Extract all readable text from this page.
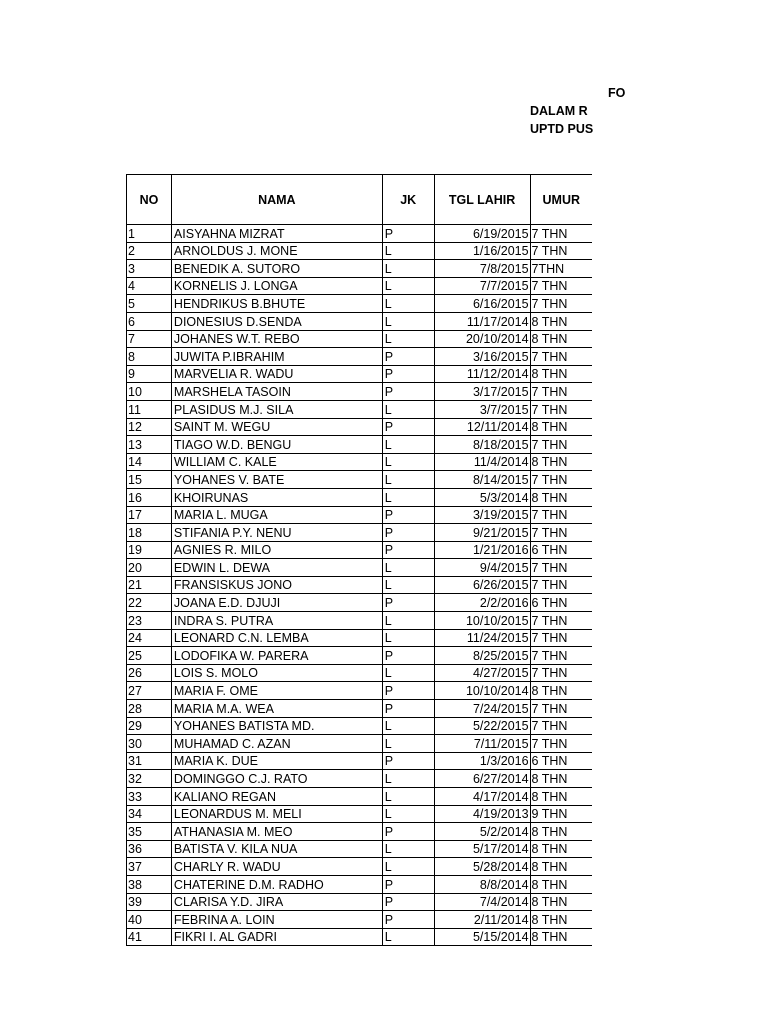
FO
DALAM R
UPTD PUS
NO	NAMA	JK	TGL LAHIR	UMUR
1	AISYAHNA MIZRAT	P	6/19/2015	7 THN
2	ARNOLDUS J. MONE	L	1/16/2015	7 THN
3	BENEDIK A. SUTORO	L	7/8/2015	7THN
4	KORNELIS J. LONGA	L	7/7/2015	7 THN
5	HENDRIKUS B.BHUTE	L	6/16/2015	7 THN
6	DIONESIUS D.SENDA	L	11/17/2014	8 THN
7	JOHANES W.T. REBO	L	20/10/2014	8 THN
8	JUWITA P.IBRAHIM	P	3/16/2015	7 THN
9	MARVELIA R. WADU	P	11/12/2014	8 THN
10	MARSHELA TASOIN	P	3/17/2015	7 THN
11	PLASIDUS M.J. SILA	L	3/7/2015	7 THN
12	SAINT M. WEGU	P	12/11/2014	8 THN
13	TIAGO W.D. BENGU	L	8/18/2015	7 THN
14	WILLIAM C. KALE	L	11/4/2014	8 THN
15	YOHANES V. BATE	L	8/14/2015	7 THN
16	KHOIRUNAS	L	5/3/2014	8 THN
17	MARIA L. MUGA	P	3/19/2015	7 THN
18	STIFANIA P.Y. NENU	P	9/21/2015	7 THN
19	AGNIES R. MILO	P	1/21/2016	6 THN
20	EDWIN L. DEWA	L	9/4/2015	7 THN
21	FRANSISKUS JONO	L	6/26/2015	7 THN
22	JOANA E.D. DJUJI	P	2/2/2016	6 THN
23	INDRA S. PUTRA	L	10/10/2015	7 THN
24	LEONARD C.N. LEMBA	L	11/24/2015	7 THN
25	LODOFIKA W. PARERA	P	8/25/2015	7 THN
26	LOIS S. MOLO	L	4/27/2015	7 THN
27	MARIA F. OME	P	10/10/2014	8 THN
28	MARIA M.A. WEA	P	7/24/2015	7 THN
29	YOHANES BATISTA MD.	L	5/22/2015	7 THN
30	MUHAMAD C. AZAN	L	7/11/2015	7 THN
31	MARIA K. DUE	P	1/3/2016	6 THN
32	DOMINGGO C.J. RATO	L	6/27/2014	8 THN
33	KALIANO REGAN	L	4/17/2014	8 THN
34	LEONARDUS M. MELI	L	4/19/2013	9 THN
35	ATHANASIA M. MEO	P	5/2/2014	8 THN
36	BATISTA V. KILA NUA	L	5/17/2014	8 THN
37	CHARLY R. WADU	L	5/28/2014	8 THN
38	CHATERINE D.M. RADHO	P	8/8/2014	8 THN
39	CLARISA Y.D. JIRA	P	7/4/2014	8 THN
40	FEBRINA A. LOIN	P	2/11/2014	8 THN
41	FIKRI I. AL GADRI	L	5/15/2014	8 THN
